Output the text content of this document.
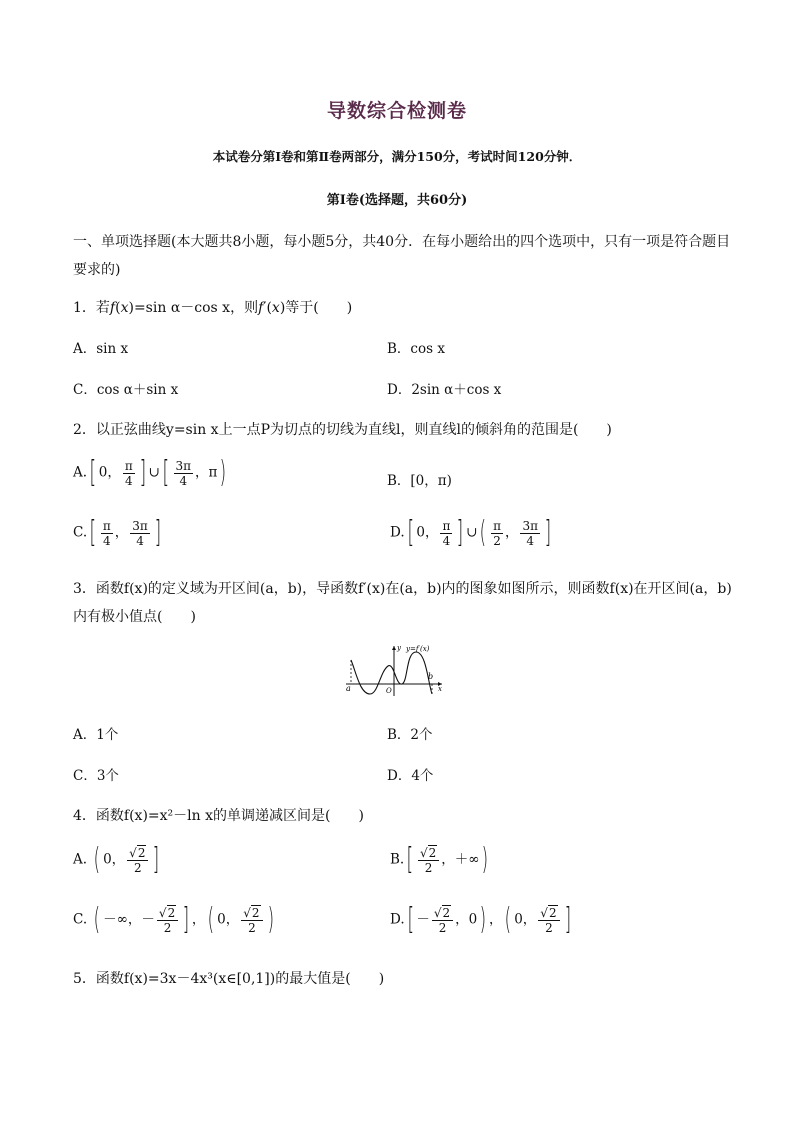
导数综合检测卷
本试卷分第Ⅰ卷和第Ⅱ卷两部分，满分150分，考试时间120分钟．
第Ⅰ卷(选择题，共60分)
一、单项选择题(本大题共8小题，每小题5分，共40分．在每小题给出的四个选项中，只有一项是符合题目要求的)
1．若f(x)=sin α－cos x，则f′(x)等于(　　)
A．sin x	B．cos x
C．cos α＋sin x	D．2sin α＋cos x
2．以正弦曲线y=sin x上一点P为切点的切线为直线l，则直线l的倾斜角的范围是(　　)
A.[ 0， $\frac{\pi}{4}$ ] ∪[ $\frac{3\pi}{4}$ ，π)	B．[0，π)
$C.[ \frac{\pi}{4}$ ， $\frac{3\pi}{4}$ ]	D.[ 0， $\frac{\pi}{4}$ ] ∪( $\frac{\pi}{2}$ ， $\frac{3\pi}{4}$ ]
3．函数f(x)的定义域为开区间(a，b)，导函数f′(x)在(a，b)内的图象如图所示，则函数f(x)在开区间(a，b)
内有极小值点(　　)
a
b
O	x
y y=f′(x)
A．1个	B．2个
C．3个	D．4个
4．函数f(x)=x²－ln x的单调递减区间是(　　)
A. ( 0， $\frac{√2}{2}$ ]	$B.[ \frac{√2}{2}$ ，＋∞)
C. ( －∞，－ $\frac{√2}{2}$ ] ，( 0， $\frac{√2}{2}$ )	$D.[ - \frac{√2}{2}$ ，0) ，( 0， $\frac{√2}{2}$ ]
5．函数f(x)=3x－4x³(x∈[0,1])的最大值是(　　)
